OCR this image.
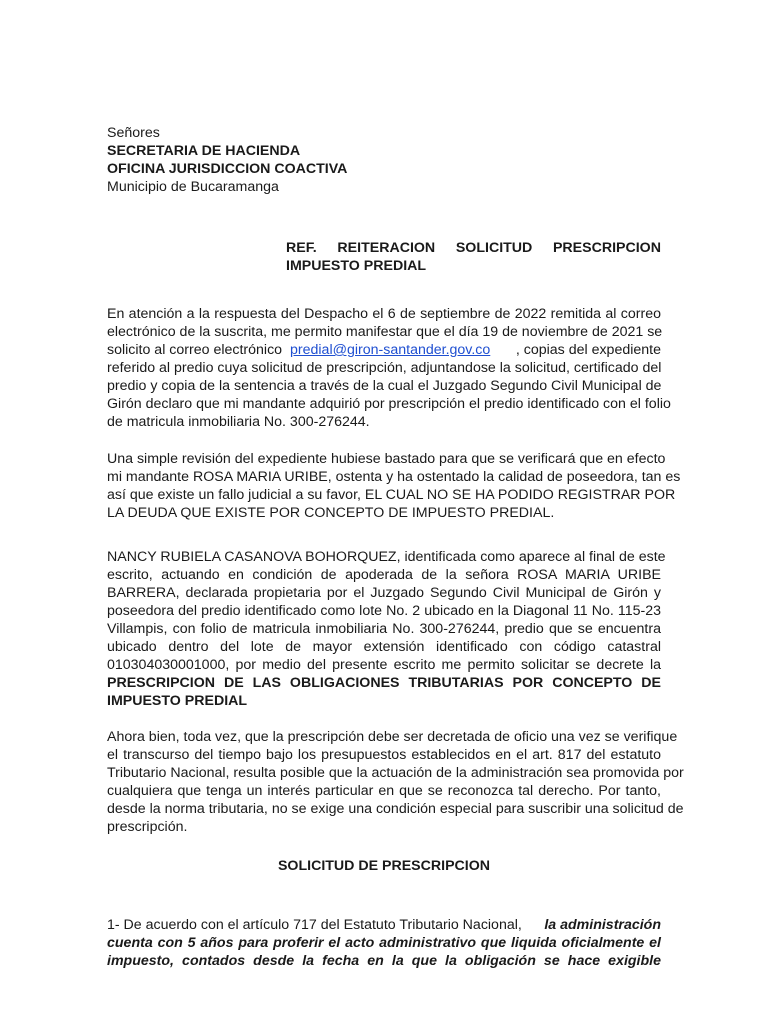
Señores
SECRETARIA DE HACIENDA
OFICINA JURISDICCION COACTIVA
Municipio de Bucaramanga
REF. REITERACION SOLICITUD PRESCRIPCION
IMPUESTO PREDIAL
En atención a la respuesta del Despacho el 6 de septiembre de 2022 remitida al correo
electrónico de la suscrita, me permito manifestar que el día 19 de noviembre de 2021 se
solicito al correo electrónico predial@giron-santander.gov.co , copias del expediente
referido al predio cuya solicitud de prescripción, adjuntandose la solicitud, certificado del
predio y copia de la sentencia a través de la cual el Juzgado Segundo Civil Municipal de
Girón declaro que mi mandante adquirió por prescripción el predio identificado con el folio
de matricula inmobiliaria No. 300-276244.
Una simple revisión del expediente hubiese bastado para que se verificará que en efecto
mi mandante ROSA MARIA URIBE, ostenta y ha ostentado la calidad de poseedora, tan es
así que existe un fallo judicial a su favor, EL CUAL NO SE HA PODIDO REGISTRAR POR
LA DEUDA QUE EXISTE POR CONCEPTO DE IMPUESTO PREDIAL.
NANCY RUBIELA CASANOVA BOHORQUEZ, identificada como aparece al final de este
escrito, actuando en condición de apoderada de la señora ROSA MARIA URIBE
BARRERA, declarada propietaria por el Juzgado Segundo Civil Municipal de Girón y
poseedora del predio identificado como lote No. 2 ubicado en la Diagonal 11 No. 115-23
Villampis, con folio de matricula inmobiliaria No. 300-276244, predio que se encuentra
ubicado dentro del lote de mayor extensión identificado con código catastral
010304030001000, por medio del presente escrito me permito solicitar se decrete la
PRESCRIPCION DE LAS OBLIGACIONES TRIBUTARIAS POR CONCEPTO DE
IMPUESTO PREDIAL
Ahora bien, toda vez, que la prescripción debe ser decretada de oficio una vez se verifique
el transcurso del tiempo bajo los presupuestos establecidos en el art. 817 del estatuto
Tributario Nacional, resulta posible que la actuación de la administración sea promovida por
cualquiera que tenga un interés particular en que se reconozca tal derecho. Por tanto,
desde la norma tributaria, no se exige una condición especial para suscribir una solicitud de
prescripción.
SOLICITUD DE PRESCRIPCION
1- De acuerdo con el artículo 717 del Estatuto Tributario Nacional, la administración
cuenta con 5 años para proferir el acto administrativo que liquida oficialmente el
impuesto, contados desde la fecha en la que la obligación se hace exigible
